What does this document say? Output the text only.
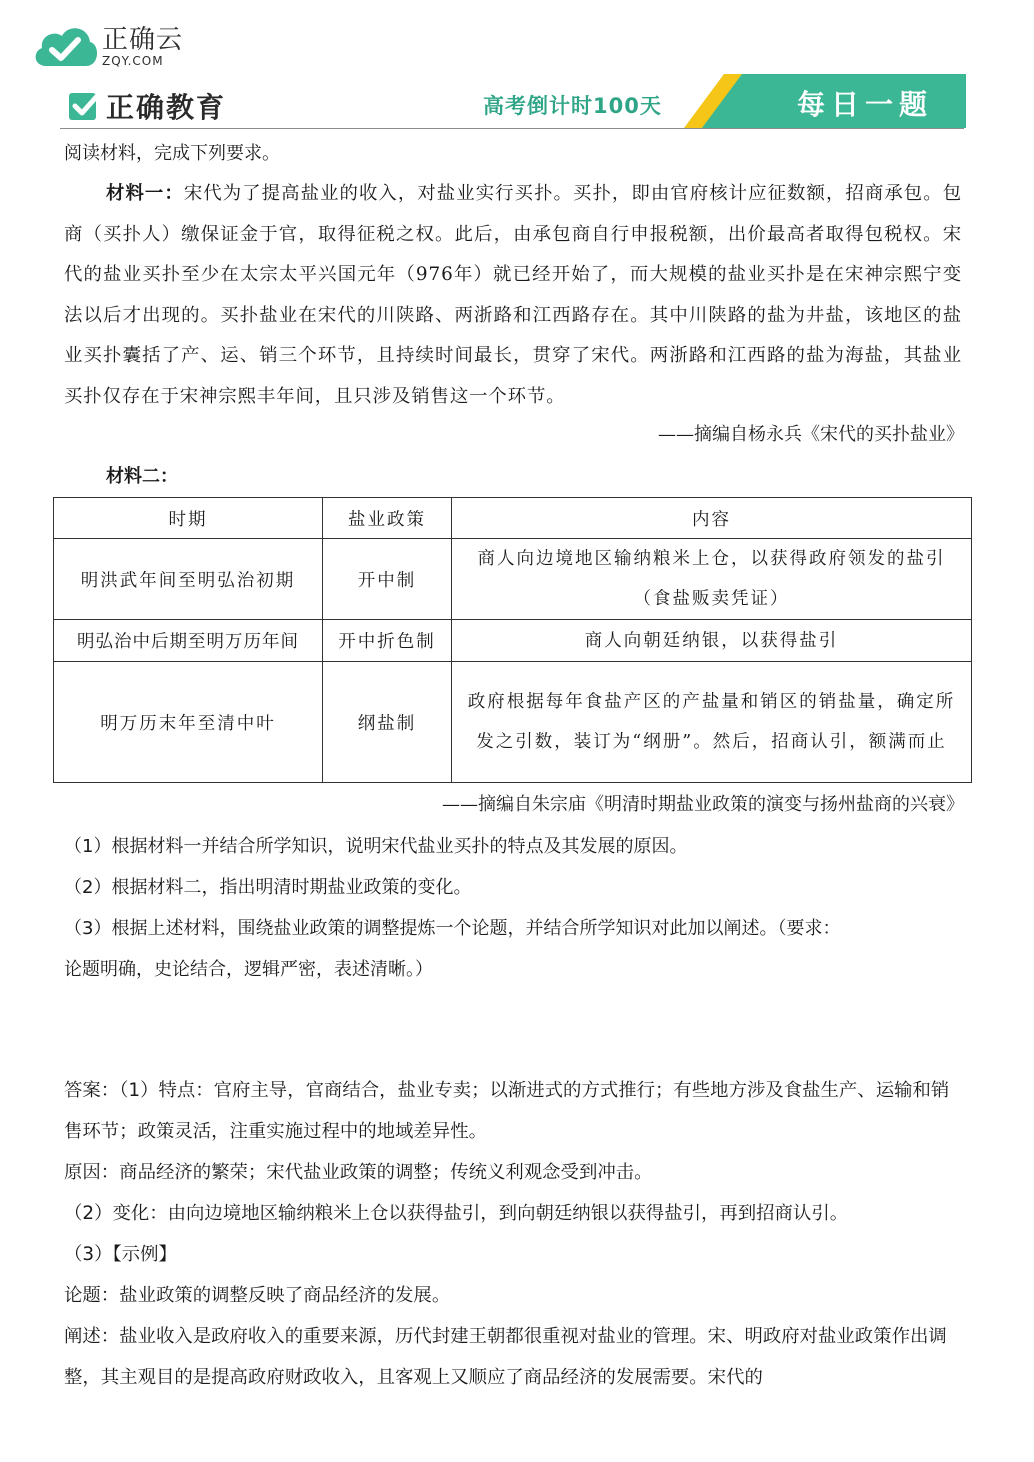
正确云
ZQY.COM
正确教育	高考倒计时100天	每日一题
阅读材料，完成下列要求。
材料一：宋代为了提高盐业的收入，对盐业实行买扑。买扑，即由官府核计应征数额，招商承包。包商（买扑人）缴保证金于官，取得征税之权。此后，由承包商自行申报税额，出价最高者取得包税权。宋代的盐业买扑至少在太宗太平兴国元年（976年）就已经开始了，而大规模的盐业买扑是在宋神宗熙宁变法以后才出现的。买扑盐业在宋代的川陕路、两浙路和江西路存在。其中川陕路的盐为井盐，该地区的盐业买扑囊括了产、运、销三个环节，且持续时间最长，贯穿了宋代。两浙路和江西路的盐为海盐，其盐业买扑仅存在于宋神宗熙丰年间，且只涉及销售这一个环节。
——摘编自杨永兵《宋代的买扑盐业》
材料二：
时期	盐业政策	内容
明洪武年间至明弘治初期	开中制	商人向边境地区输纳粮米上仓，以获得政府领发的盐引（食盐贩卖凭证）
明弘治中后期至明万历年间	开中折色制	商人向朝廷纳银，以获得盐引
明万历末年至清中叶	纲盐制	政府根据每年食盐产区的产盐量和销区的销盐量，确定所发之引数，装订为“纲册”。然后，招商认引，额满而止
——摘编自朱宗庙《明清时期盐业政策的演变与扬州盐商的兴衰》
（1）根据材料一并结合所学知识，说明宋代盐业买扑的特点及其发展的原因。
（2）根据材料二，指出明清时期盐业政策的变化。
（3）根据上述材料，围绕盐业政策的调整提炼一个论题，并结合所学知识对此加以阐述。（要求：
论题明确，史论结合，逻辑严密，表述清晰。）
答案：（1）特点：官府主导，官商结合，盐业专卖；以渐进式的方式推行；有些地方涉及食盐生产、运输和销售环节；政策灵活，注重实施过程中的地域差异性。
原因：商品经济的繁荣；宋代盐业政策的调整；传统义利观念受到冲击。
（2）变化：由向边境地区输纳粮米上仓以获得盐引，到向朝廷纳银以获得盐引，再到招商认引。
（3）【示例】
论题：盐业政策的调整反映了商品经济的发展。
阐述：盐业收入是政府收入的重要来源，历代封建王朝都很重视对盐业的管理。宋、明政府对盐业政策作出调整，其主观目的是提高政府财政收入，且客观上又顺应了商品经济的发展需要。宋代的
